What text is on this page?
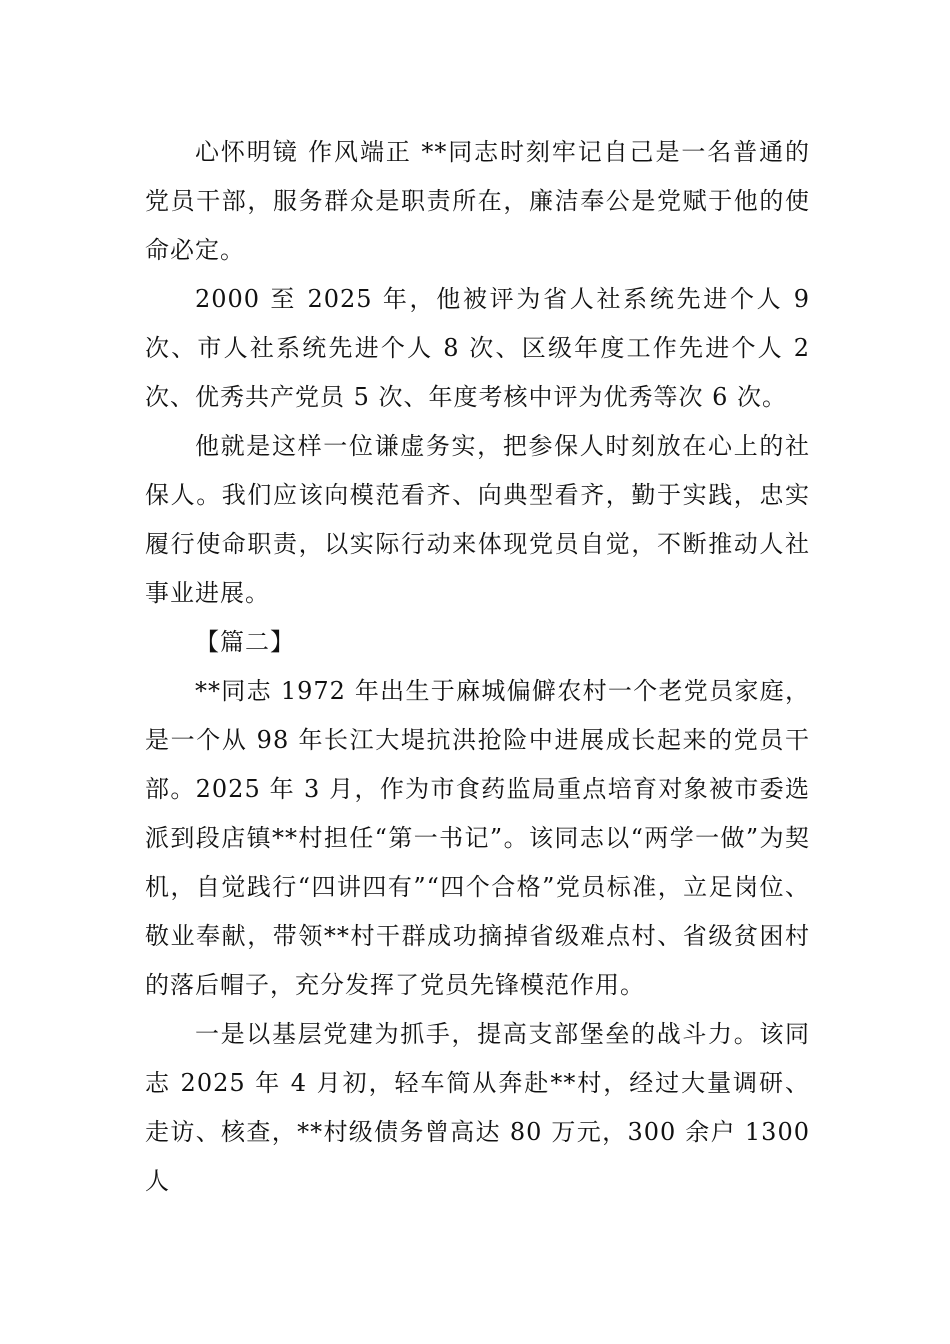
心怀明镜 作风端正 **同志时刻牢记自己是一名普通的党员干部，服务群众是职责所在，廉洁奉公是党赋于他的使命必定。

2000 至 2025 年，他被评为省人社系统先进个人 9 次、市人社系统先进个人 8 次、区级年度工作先进个人 2 次、优秀共产党员 5 次、年度考核中评为优秀等次 6 次。

他就是这样一位谦虚务实，把参保人时刻放在心上的社保人。我们应该向模范看齐、向典型看齐，勤于实践，忠实履行使命职责，以实际行动来体现党员自觉，不断推动人社事业进展。

【篇二】

**同志 1972 年出生于麻城偏僻农村一个老党员家庭，是一个从 98 年长江大堤抗洪抢险中进展成长起来的党员干部。2025 年 3 月，作为市食药监局重点培育对象被市委选派到段店镇**村担任“第一书记”。该同志以“两学一做”为契机，自觉践行“四讲四有”“四个合格”党员标准，立足岗位、敬业奉献，带领**村干群成功摘掉省级难点村、省级贫困村的落后帽子，充分发挥了党员先锋模范作用。

一是以基层党建为抓手，提高支部堡垒的战斗力。该同志 2025 年 4 月初，轻车简从奔赴**村，经过大量调研、走访、核查，**村级债务曾高达 80 万元，300 余户 1300 人
